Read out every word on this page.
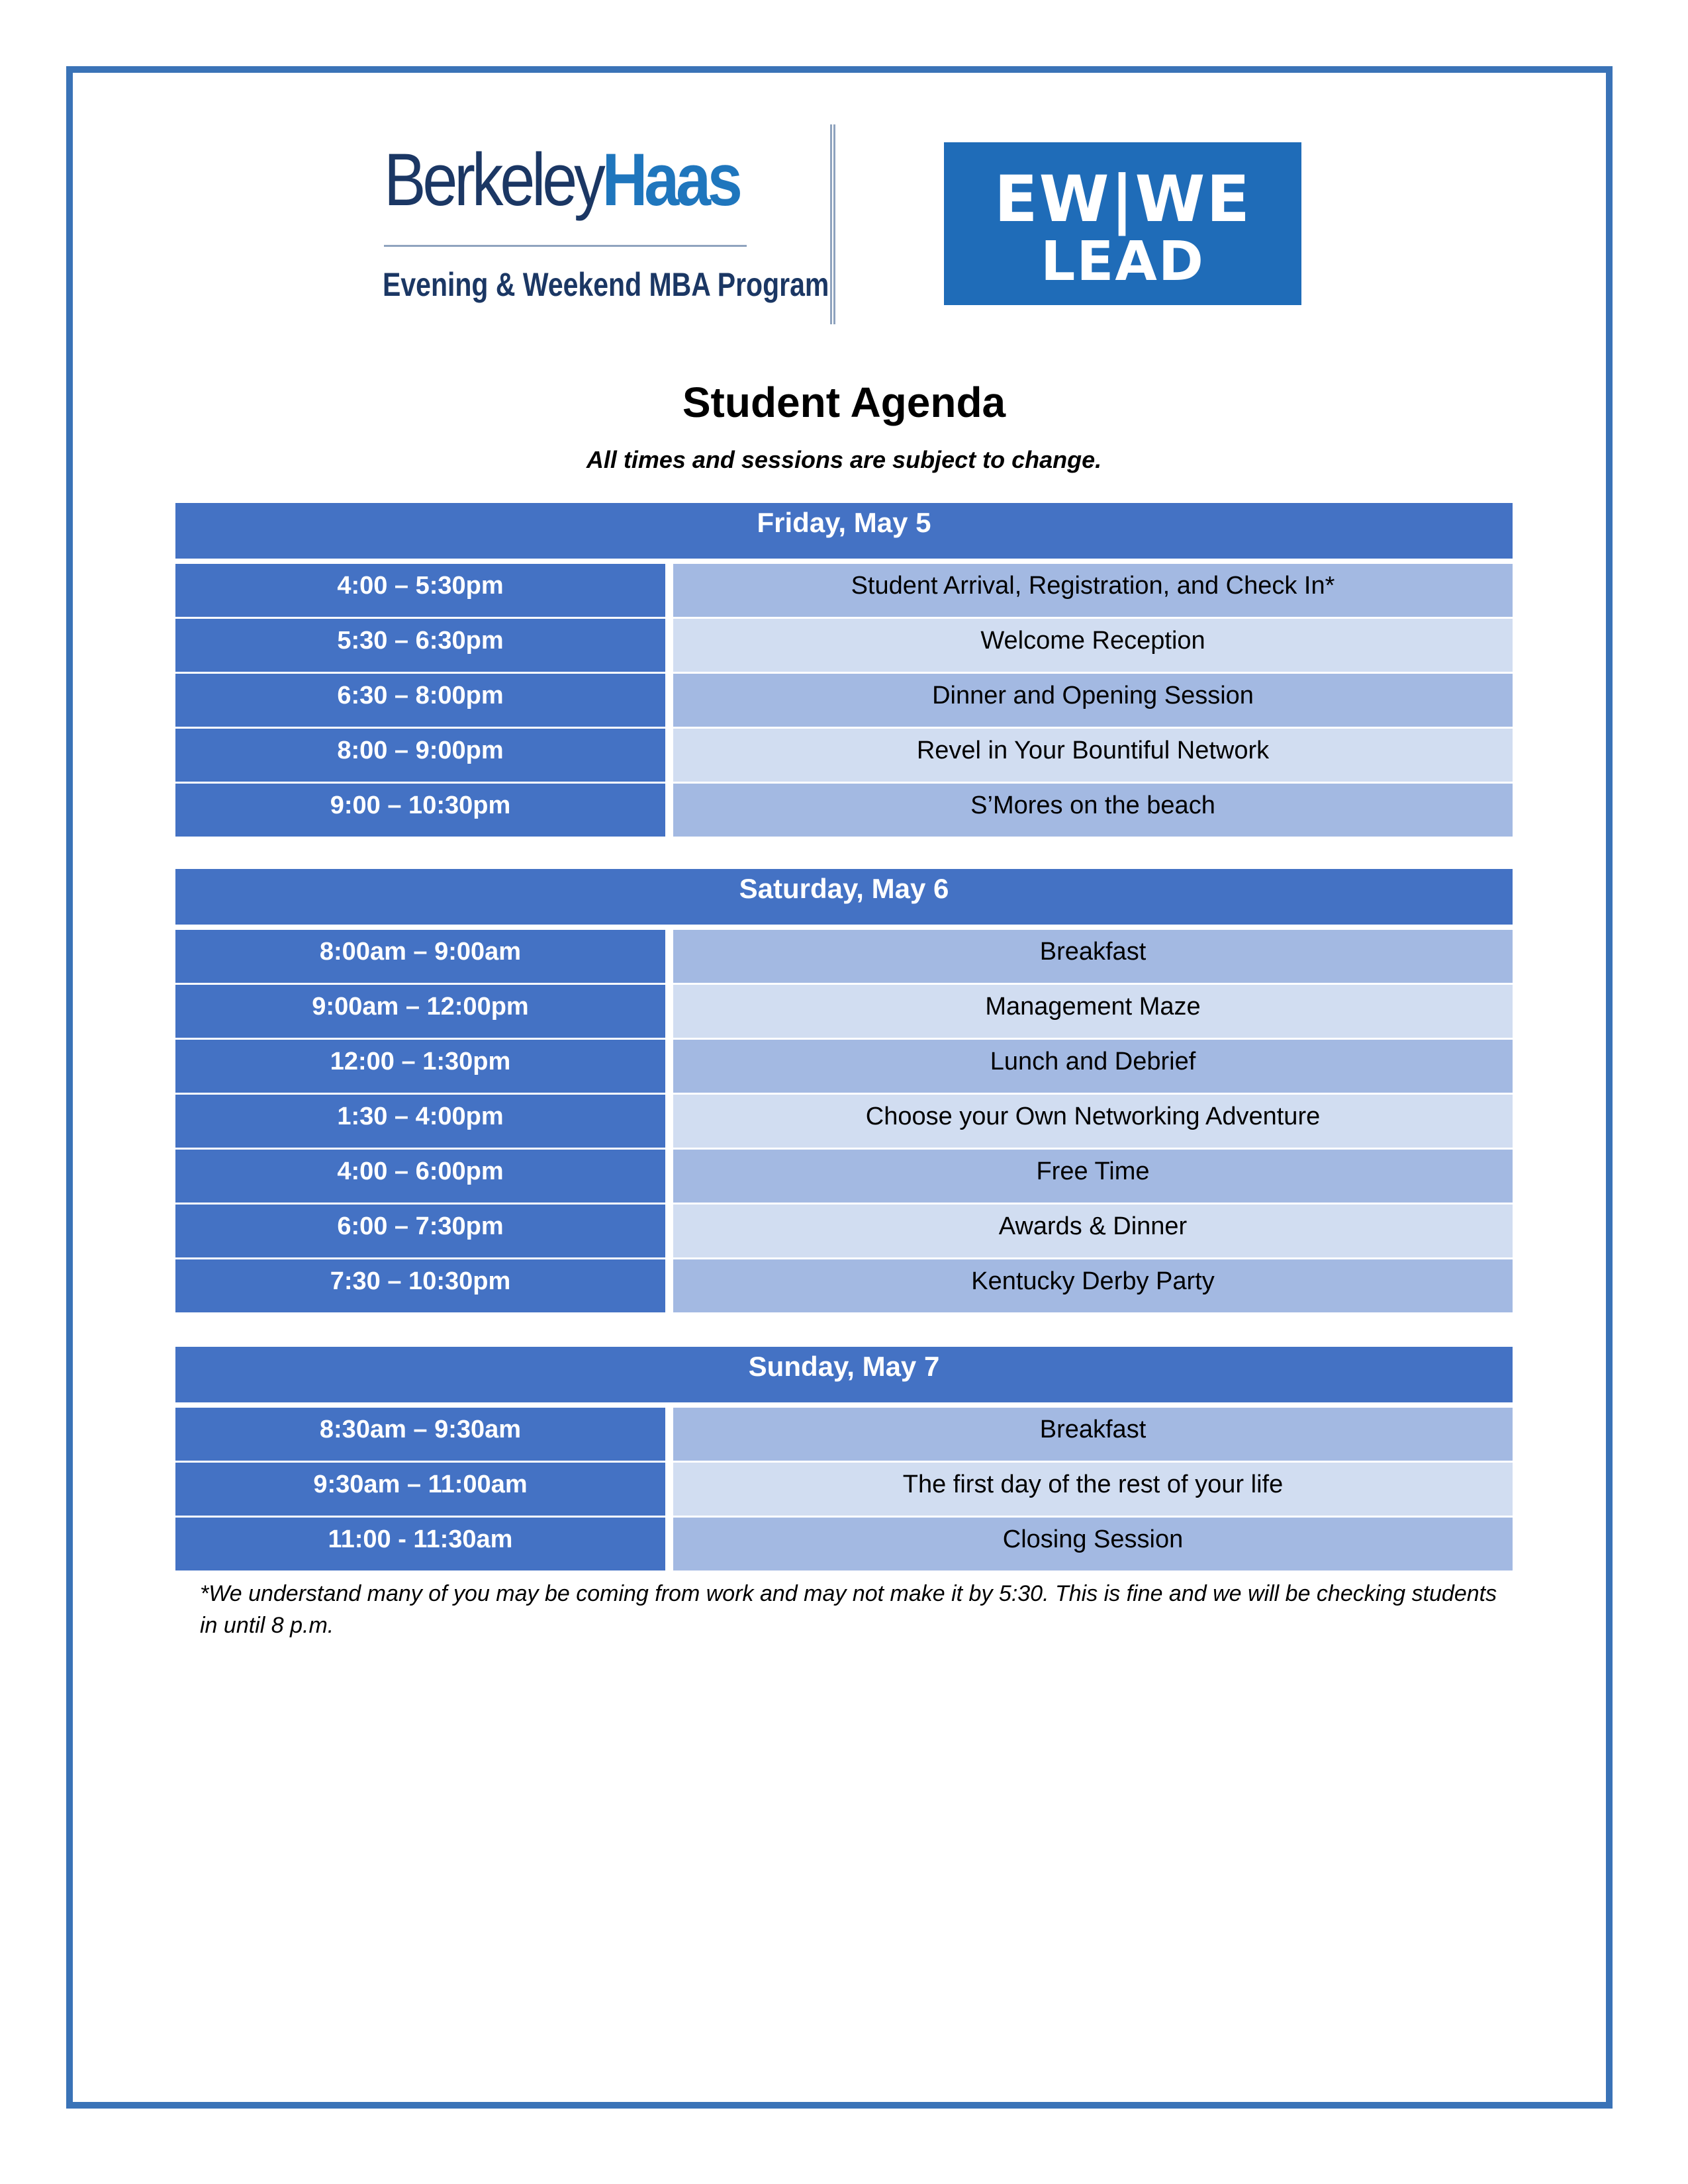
BerkeleyHaas
Evening & Weekend MBA Program
EW|WE
LEAD
Student Agenda
All times and sessions are subject to change.
Friday, May 5
4:00 – 5:30pm	Student Arrival, Registration, and Check In*
5:30 – 6:30pm	Welcome Reception
6:30 – 8:00pm	Dinner and Opening Session
8:00 – 9:00pm	Revel in Your Bountiful Network
9:00 – 10:30pm	S’Mores on the beach
Saturday, May 6
8:00am – 9:00am	Breakfast
9:00am – 12:00pm	Management Maze
12:00 – 1:30pm	Lunch and Debrief
1:30 – 4:00pm	Choose your Own Networking Adventure
4:00 – 6:00pm	Free Time
6:00 – 7:30pm	Awards & Dinner
7:30 – 10:30pm	Kentucky Derby Party
Sunday, May 7
8:30am – 9:30am	Breakfast
9:30am – 11:00am	The first day of the rest of your life
11:00 - 11:30am	Closing Session
*We understand many of you may be coming from work and may not make it by 5:30. This is fine and we will be checking students in until 8 p.m.
